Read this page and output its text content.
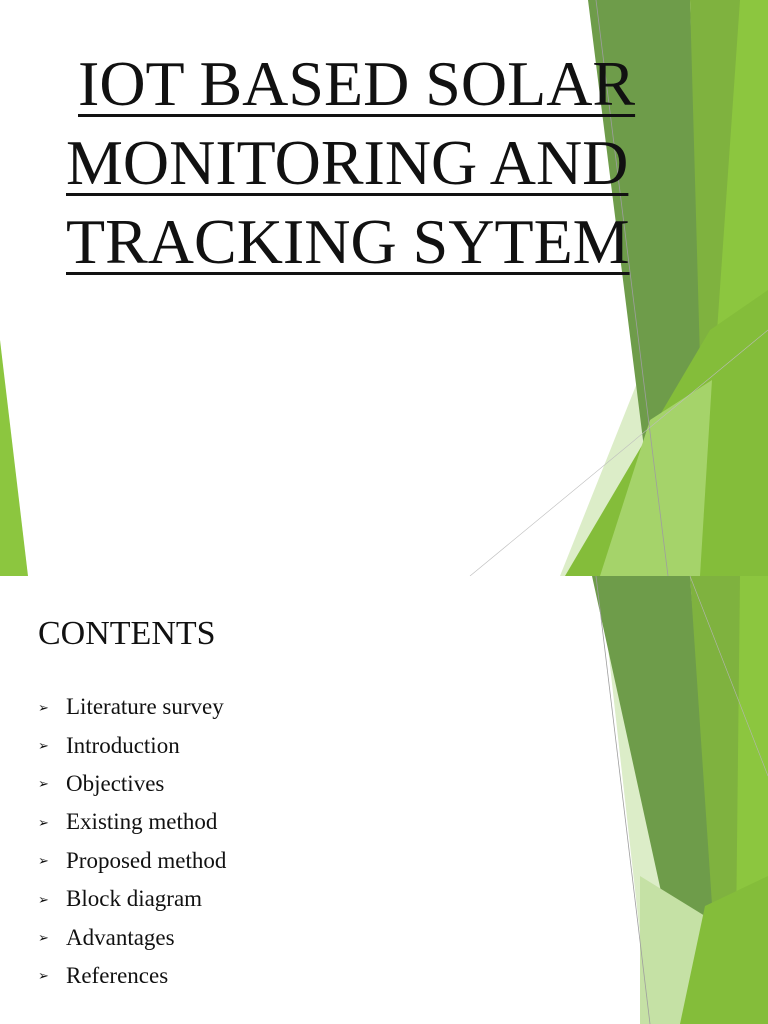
IOT BASED SOLAR
MONITORING AND
TRACKING SYTEM
CONTENTS
➢ Literature survey
➢ Introduction
➢ Objectives
➢ Existing method
➢ Proposed method
➢ Block diagram
➢ Advantages
➢ References
